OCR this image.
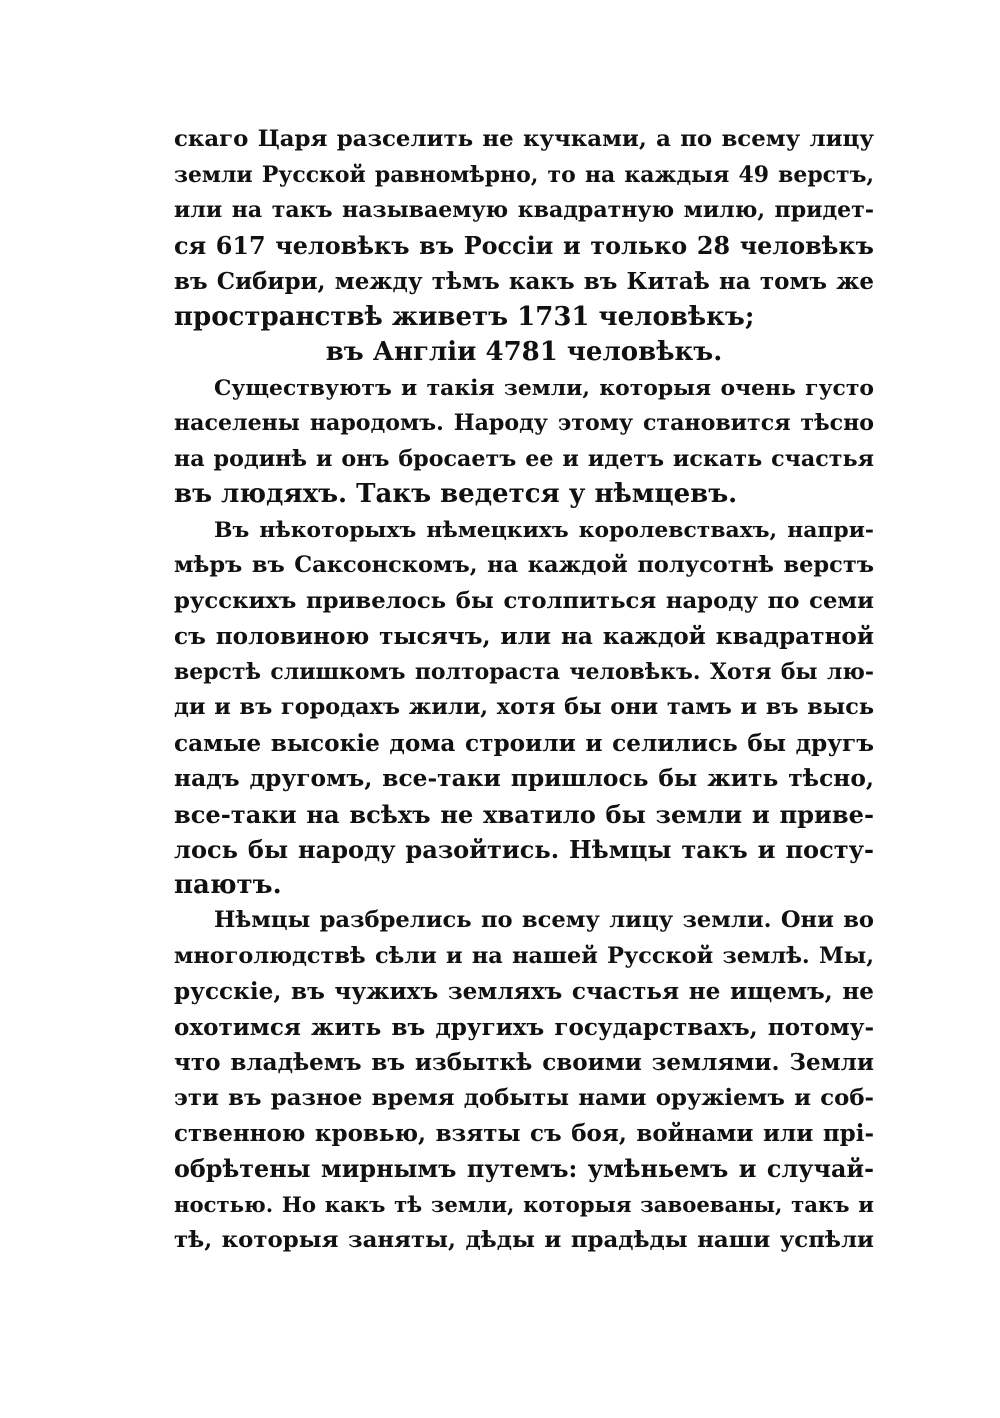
скаго Царя разселить не кучками, а по всему лицу
земли Русской равномѣрно, то на каждыя 49 верстъ,
или на такъ называемую квадратную милю, придет-
ся 617 человѣкъ въ Россіи и только 28 человѣкъ
въ Сибири, между тѣмъ какъ въ Китаѣ на томъ же
пространствѣ живетъ 1731 человѣкъ;
въ Англіи 4781 человѣкъ.
Существуютъ и такія земли, которыя очень густо
населены народомъ. Народу этому становится тѣсно
на родинѣ и онъ бросаетъ ее и идетъ искать счастья
въ людяхъ. Такъ ведется у нѣмцевъ.
Въ нѣкоторыхъ нѣмецкихъ королевствахъ, напри-
мѣръ въ Саксонскомъ, на каждой полусотнѣ верстъ
русскихъ привелось бы столпиться народу по семи
съ половиною тысячъ, или на каждой квадратной
верстѣ слишкомъ полтораста человѣкъ. Хотя бы лю-
ди и въ городахъ жили, хотя бы они тамъ и въ высь
самые высокіе дома строили и селились бы другъ
надъ другомъ, все-таки пришлось бы жить тѣсно,
все-таки на всѣхъ не хватило бы земли и приве-
лось бы народу разойтись. Нѣмцы такъ и посту-
паютъ.
Нѣмцы разбрелись по всему лицу земли. Они во
многолюдствѣ сѣли и на нашей Русской землѣ. Мы,
русскіе, въ чужихъ земляхъ счастья не ищемъ, не
охотимся жить въ другихъ государствахъ, потому-
что владѣемъ въ избыткѣ своими землями. Земли
эти въ разное время добыты нами оружіемъ и соб-
ственною кровью, взяты съ боя, войнами или прі-
обрѣтены мирнымъ путемъ: умѣньемъ и случай-
ностью. Но какъ тѣ земли, которыя завоеваны, такъ и
тѣ, которыя заняты, дѣды и прадѣды наши успѣли
